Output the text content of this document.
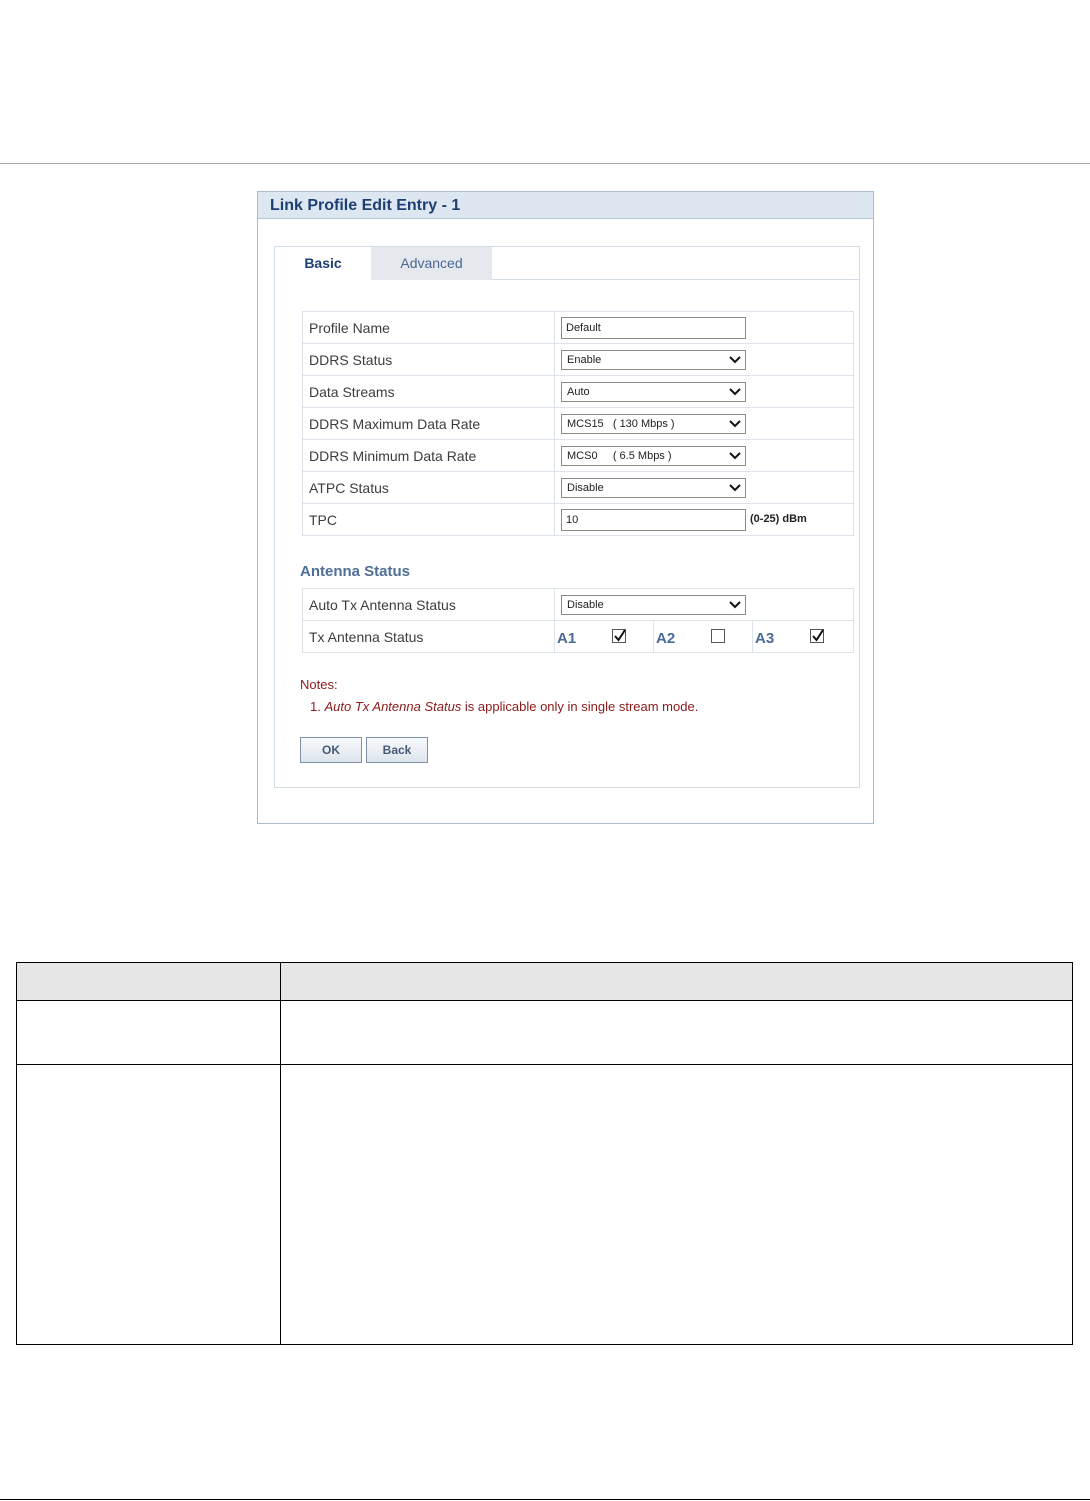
Link Profile Edit Entry - 1
Basic	Advanced
Profile Name	Default
DDRS Status	Enable

Data Streams	Auto

DDRS Maximum Data Rate	MCS15   ( 130 Mbps )

DDRS Minimum Data Rate	MCS0     ( 6.5 Mbps )

ATPC Status	Disable

TPC	10 (0-25) dBm
Antenna Status
Auto Tx Antenna Status	Disable

Tx Antenna Status	A1 A2 A3
Notes:
1. Auto Tx Antenna Status is applicable only in single stream mode.
OK	Back
